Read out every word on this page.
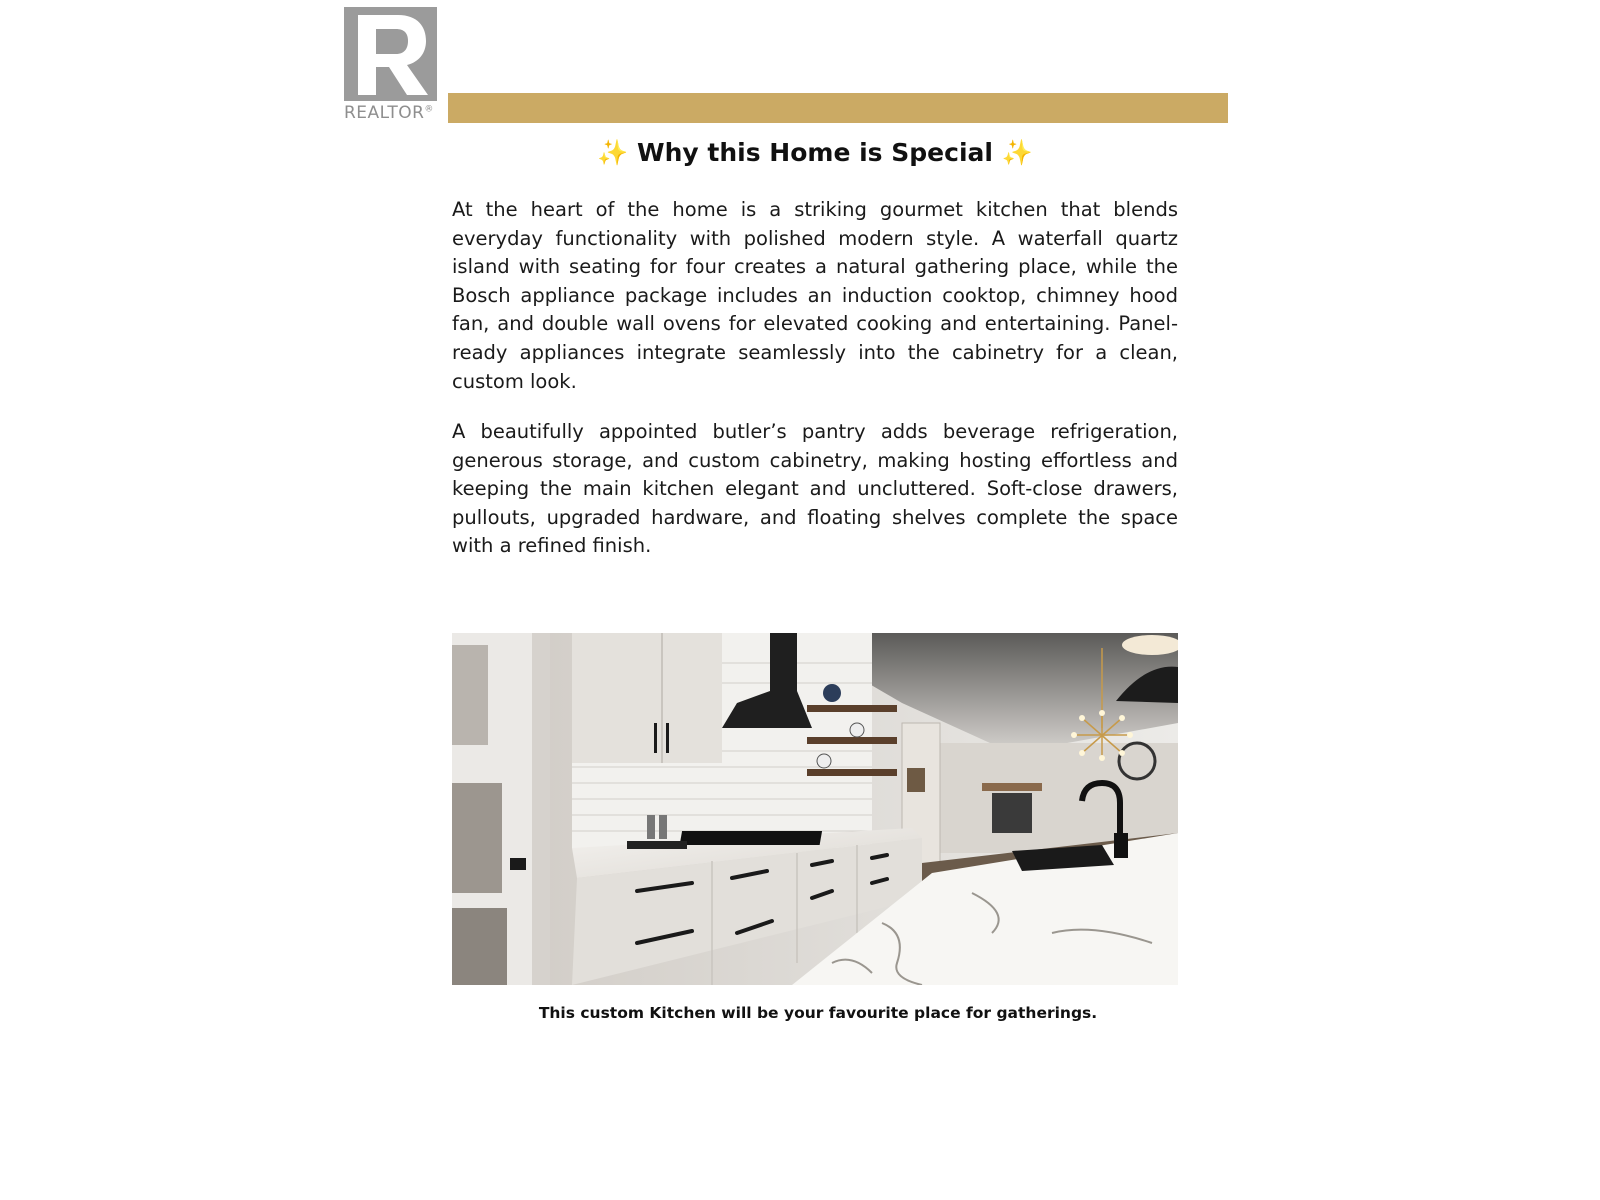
REALTOR®
✨ Why this Home is Special ✨

At the heart of the home is a striking gourmet kitchen that blends everyday functionality with polished modern style. A waterfall quartz island with seating for four creates a natural gathering place, while the Bosch appliance package includes an induction cooktop, chimney hood fan, and double wall ovens for elevated cooking and entertaining. Panel-ready appliances integrate seamlessly into the cabinetry for a clean, custom look.

A beautifully appointed butler’s pantry adds beverage refrigeration, generous storage, and custom cabinetry, making hosting effortless and keeping the main kitchen elegant and uncluttered. Soft-close drawers, pullouts, upgraded hardware, and floating shelves complete the space with a refined finish.

This custom Kitchen will be your favourite place for gatherings.
